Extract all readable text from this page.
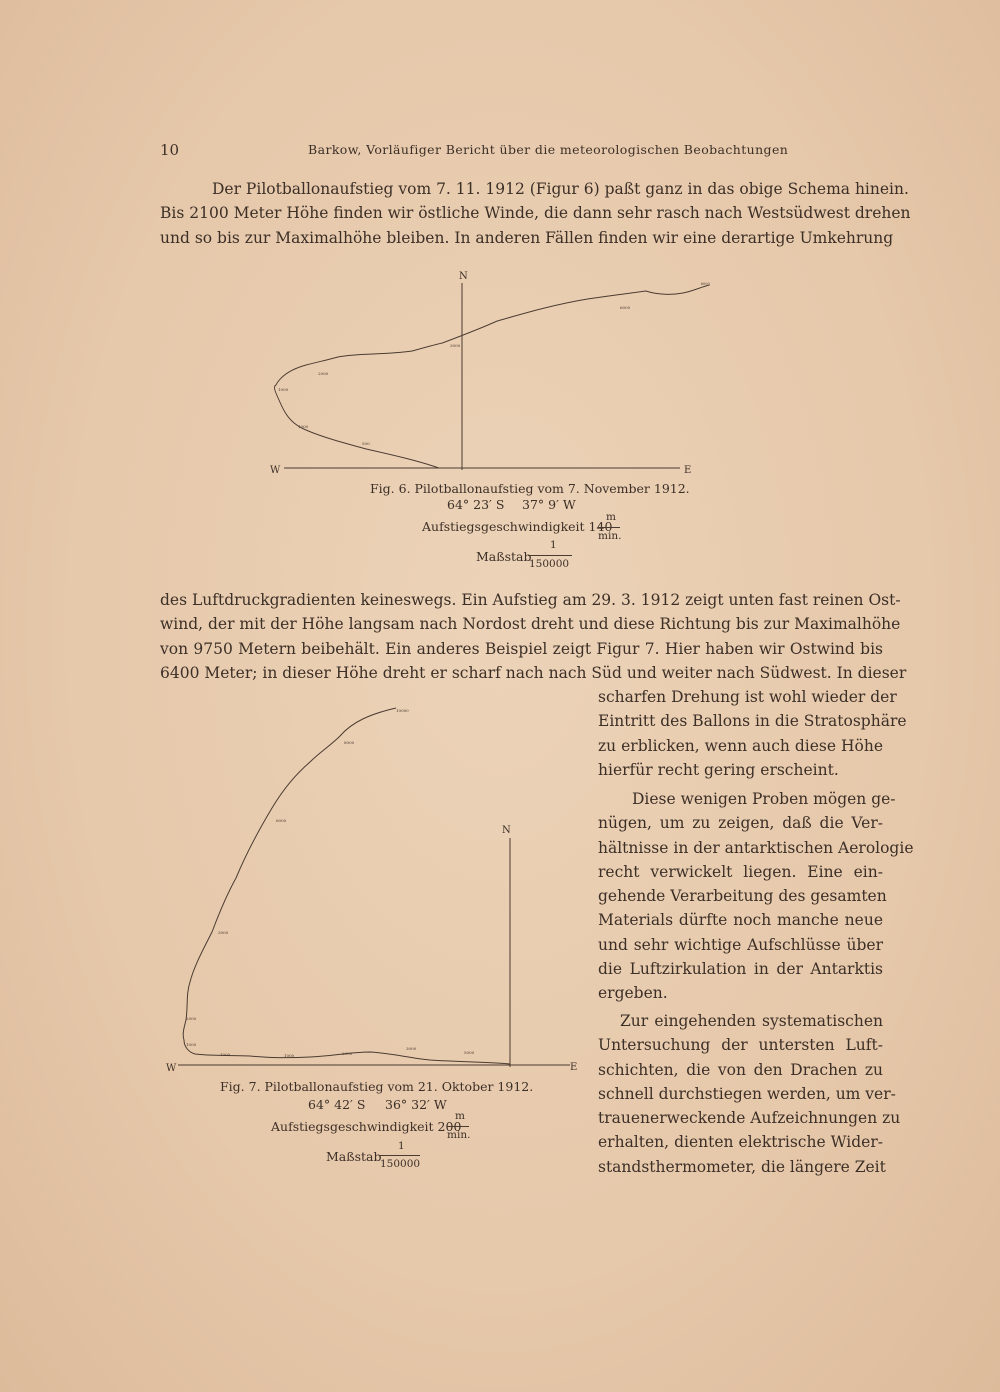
10	Barkow, Vorläufiger Bericht über die meteorologischen Beobachtungen
Der Pilotballonaufstieg vom 7. 11. 1912 (Figur 6) paßt ganz in das obige Schema hinein.
Bis 2100 Meter Höhe finden wir östliche Winde, die dann sehr rasch nach Westsüdwest drehen
und so bis zur Maximalhöhe bleiben. In anderen Fällen finden wir eine derartige Umkehrung
2000
1000
1000
500
3000
6000
8000
N
W	E
Fig. 6. Pilotballonaufstieg vom 7. November 1912.
64° 23′ S 37° 9′ W
Aufstiegsgeschwindigkeit 140
m
min.
Maßstab
1
150000
des Luftdruckgradienten keineswegs. Ein Aufstieg am 29. 3. 1912 zeigt unten fast reinen Ost-
wind, der mit der Höhe langsam nach Nordost dreht und diese Richtung bis zur Maximalhöhe
von 9750 Metern beibehält. Ein anderes Beispiel zeigt Figur 7. Hier haben wir Ostwind bis
6400 Meter; in dieser Höhe dreht er scharf nach nach Süd und weiter nach Südwest. In dieser
scharfen Drehung ist wohl wieder der
Eintritt des Ballons in die Stratosphäre
zu erblicken, wenn auch diese Höhe
hierfür recht gering erscheint.
Diese wenigen Proben mögen ge-
nügen, um zu zeigen, daß die Ver-
hältnisse in der antarktischen Aerologie
recht verwickelt liegen. Eine ein-
gehende Verarbeitung des gesamten
Materials dürfte noch manche neue
und sehr wichtige Aufschlüsse über
die Luftzirkulation in der Antarktis
ergeben.
Zur eingehenden systematischen
Untersuchung der untersten Luft-
schichten, die von den Drachen zu
schnell durchstiegen werden, um ver-
trauenerweckende Aufzeichnungen zu
erhalten, dienten elektrische Wider-
standsthermometer, die längere Zeit
10000
8000
6000
3000
2000
1000
1000	1000	2000
3000
5000
N
W	E
Fig. 7. Pilotballonaufstieg vom 21. Oktober 1912.
64° 42′ S 36° 32′ W
Aufstiegsgeschwindigkeit 200
m
min.
Maßstab
1
150000
